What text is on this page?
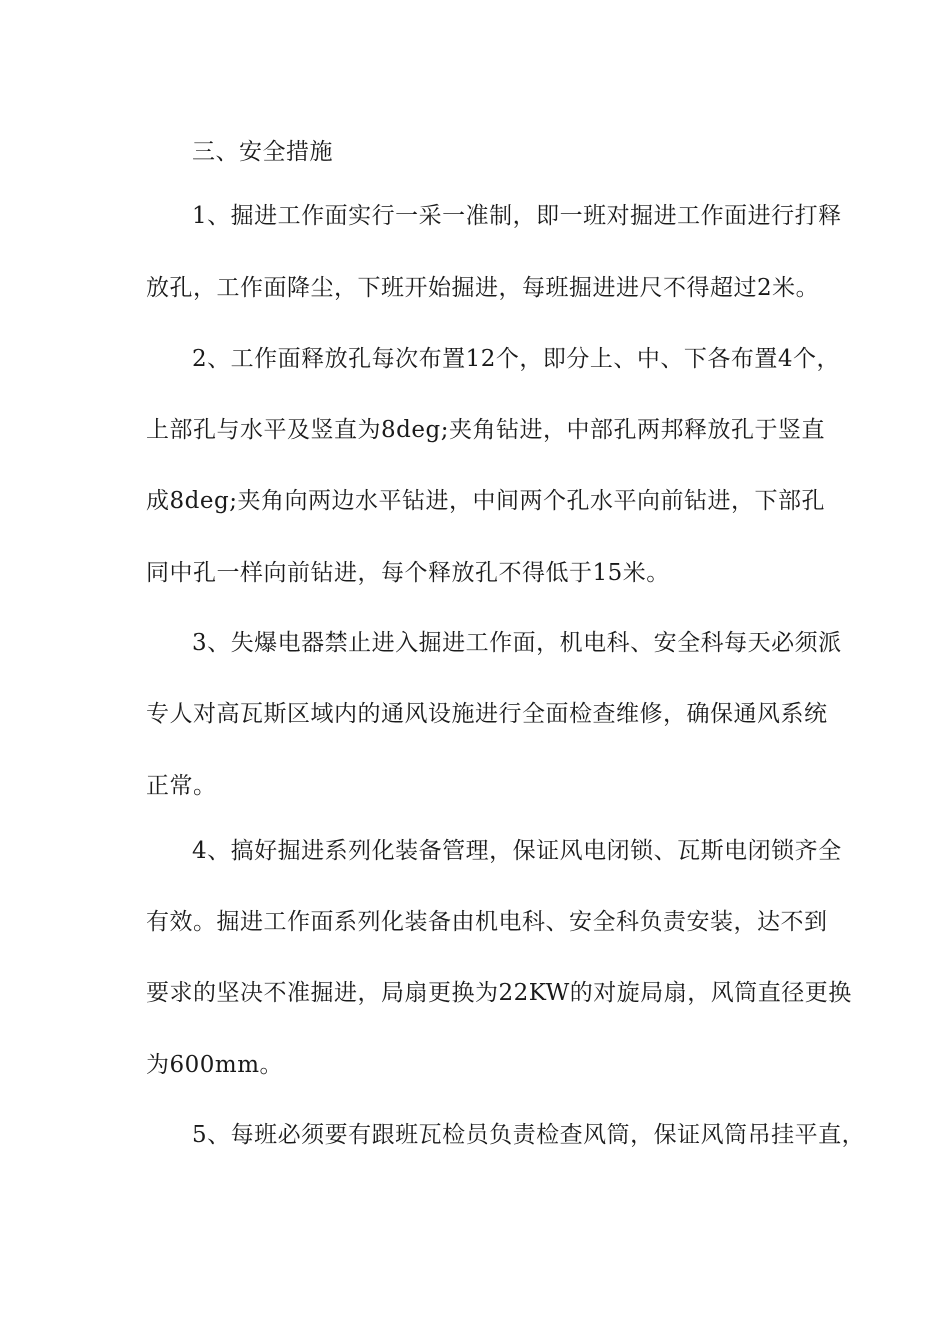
三、安全措施
1、掘进工作面实行一采一准制，即一班对掘进工作面进行打释
放孔，工作面降尘，下班开始掘进，每班掘进进尺不得超过2米。
2、工作面释放孔每次布置12个，即分上、中、下各布置4个，
上部孔与水平及竖直为8deg;夹角钻进，中部孔两邦释放孔于竖直
成8deg;夹角向两边水平钻进，中间两个孔水平向前钻进，下部孔
同中孔一样向前钻进，每个释放孔不得低于15米。
3、失爆电器禁止进入掘进工作面，机电科、安全科每天必须派
专人对高瓦斯区域内的通风设施进行全面检查维修，确保通风系统
正常。
4、搞好掘进系列化装备管理，保证风电闭锁、瓦斯电闭锁齐全
有效。掘进工作面系列化装备由机电科、安全科负责安装，达不到
要求的坚决不准掘进，局扇更换为22KW的对旋局扇，风筒直径更换
为600mm。
5、每班必须要有跟班瓦检员负责检查风筒，保证风筒吊挂平直，
